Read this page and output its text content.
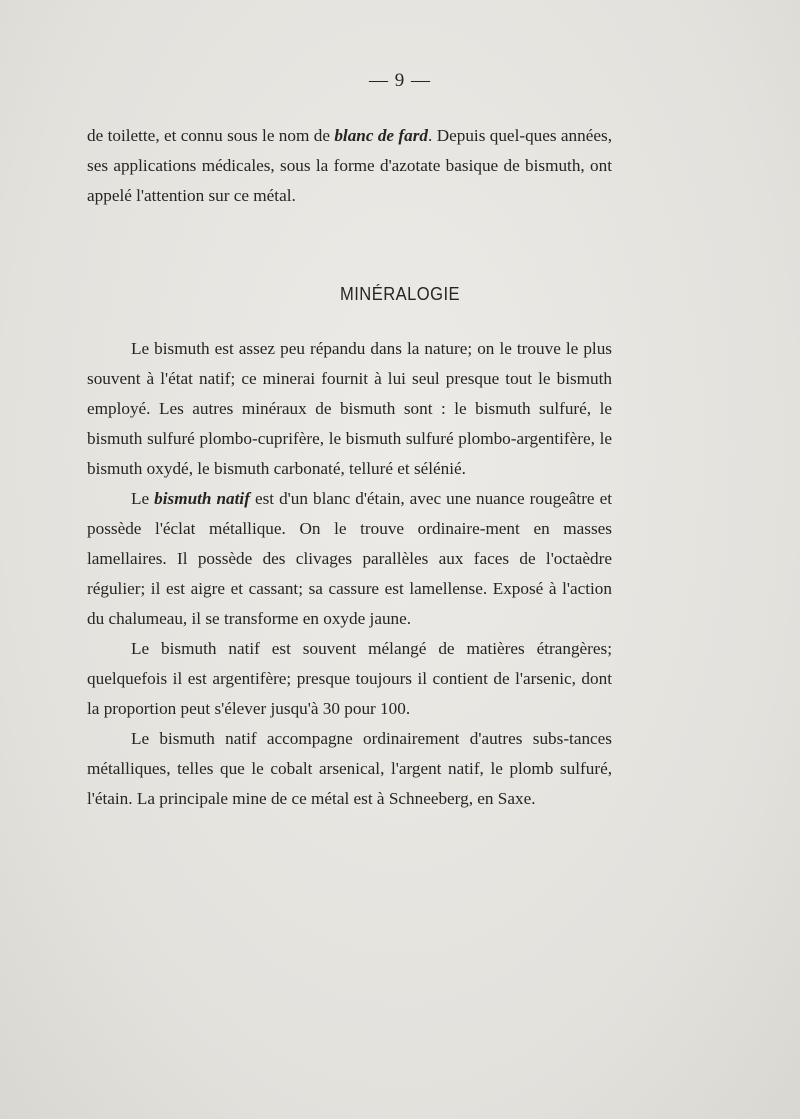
— 9 —

de toilette, et connu sous le nom de blanc de fard. Depuis quel-ques années, ses applications médicales, sous la forme d'azotate basique de bismuth, ont appelé l'attention sur ce métal.

MINÉRALOGIE

Le bismuth est assez peu répandu dans la nature; on le trouve le plus souvent à l'état natif; ce minerai fournit à lui seul presque tout le bismuth employé. Les autres minéraux de bismuth sont : le bismuth sulfuré, le bismuth sulfuré plombo-cuprifère, le bismuth sulfuré plombo-argentifère, le bismuth oxydé, le bismuth carbonaté, telluré et sélénié.

Le bismuth natif est d'un blanc d'étain, avec une nuance rougeâtre et possède l'éclat métallique. On le trouve ordinaire-ment en masses lamellaires. Il possède des clivages parallèles aux faces de l'octaèdre régulier; il est aigre et cassant; sa cassure est lamellense. Exposé à l'action du chalumeau, il se transforme en oxyde jaune.

Le bismuth natif est souvent mélangé de matières étrangères; quelquefois il est argentifère; presque toujours il contient de l'arsenic, dont la proportion peut s'élever jusqu'à 30 pour 100.

Le bismuth natif accompagne ordinairement d'autres subs-tances métalliques, telles que le cobalt arsenical, l'argent natif, le plomb sulfuré, l'étain. La principale mine de ce métal est à Schneeberg, en Saxe.
